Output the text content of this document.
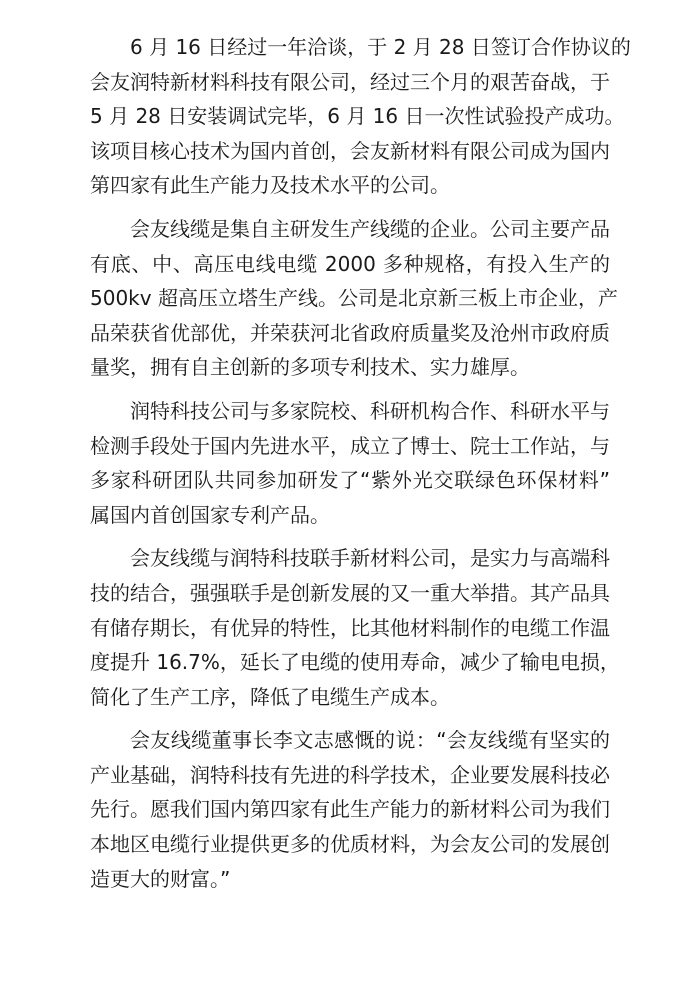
6 月 16 日经过一年洽谈，于 2 月 28 日签订合作协议的
会友润特新材料科技有限公司，经过三个月的艰苦奋战，于
5 月 28 日安装调试完毕，6 月 16 日一次性试验投产成功。
该项目核心技术为国内首创，会友新材料有限公司成为国内
第四家有此生产能力及技术水平的公司。
会友线缆是集自主研发生产线缆的企业。公司主要产品
有底、中、高压电线电缆 2000 多种规格，有投入生产的
500kv 超高压立塔生产线。公司是北京新三板上市企业，产
品荣获省优部优，并荣获河北省政府质量奖及沧州市政府质
量奖，拥有自主创新的多项专利技术、实力雄厚。
润特科技公司与多家院校、科研机构合作、科研水平与
检测手段处于国内先进水平，成立了博士、院士工作站，与
多家科研团队共同参加研发了“紫外光交联绿色环保材料”
属国内首创国家专利产品。
会友线缆与润特科技联手新材料公司，是实力与高端科
技的结合，强强联手是创新发展的又一重大举措。其产品具
有储存期长，有优异的特性，比其他材料制作的电缆工作温
度提升 16.7%，延长了电缆的使用寿命，减少了输电电损，
简化了生产工序，降低了电缆生产成本。
会友线缆董事长李文志感慨的说：“会友线缆有坚实的
产业基础，润特科技有先进的科学技术，企业要发展科技必
先行。愿我们国内第四家有此生产能力的新材料公司为我们
本地区电缆行业提供更多的优质材料，为会友公司的发展创
造更大的财富。”
